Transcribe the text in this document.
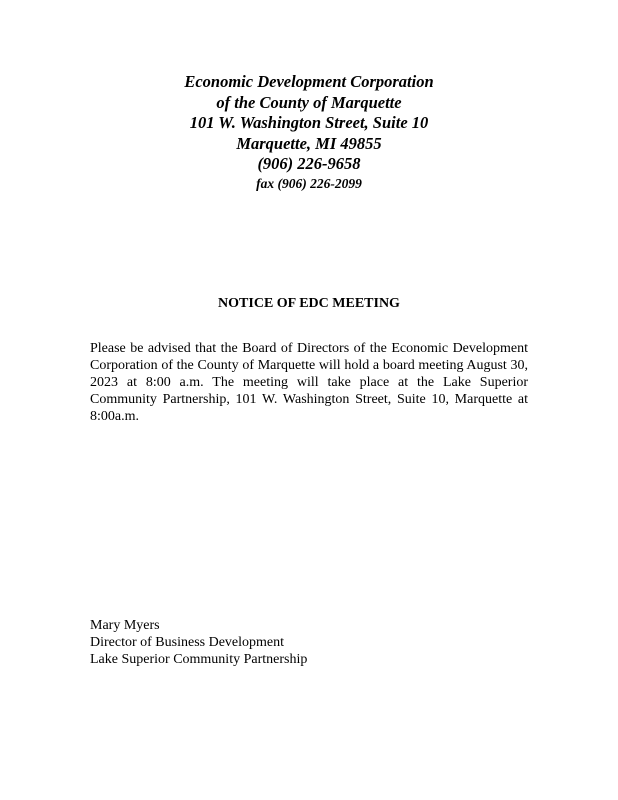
Economic Development Corporation
of the County of Marquette
101 W. Washington Street, Suite 10
Marquette, MI 49855
(906) 226-9658
fax (906) 226-2099
NOTICE OF EDC MEETING
Please be advised that the Board of Directors of the Economic Development Corporation of the County of Marquette will hold a board meeting August 30, 2023 at 8:00 a.m. The meeting will take place at the Lake Superior Community Partnership, 101 W. Washington Street, Suite 10, Marquette at 8:00a.m.
Mary Myers
Director of Business Development
Lake Superior Community Partnership
